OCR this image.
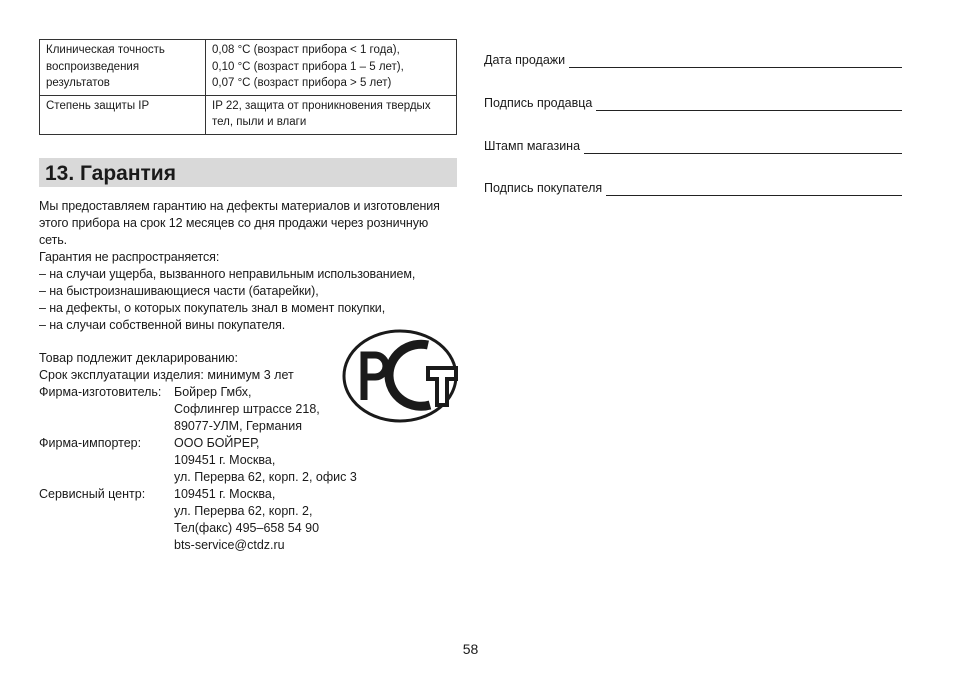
Клиническая точность
воспроизведения
результатов	0,08 °C (возраст прибора < 1 года),
0,10 °C (возраст прибора 1 – 5 лет),
0,07 °C (возраст прибора > 5 лет)

Степень защиты IP	IP 22, защита от проникновения твердых
тел, пыли и влаги
13. Гарантия
Мы предоставляем гарантию на дефекты материалов и изготовления
этого прибора на срок 12 месяцев со дня продажи через розничную
сеть.
Гарантия не распространяется:
– на случаи ущерба, вызванного неправильным использованием,
– на быстроизнашивающиеся части (батарейки),
– на дефекты, о которых покупатель знал в момент покупки,
– на случаи собственной вины покупателя.
Товар подлежит декларированию:
Срок эксплуатации изделия: минимум 3 лет
Фирма-изготовитель:	Бойрер Гмбх,
Софлингер штрассе 218,
89077-УЛМ, Германия
Фирма-импортер:	ООО БОЙРЕР,
109451 г. Москва,
ул. Перерва 62, корп. 2, офис 3
Сервисный центр:	109451 г. Москва,
ул. Перерва 62, корп. 2,
Тел(факс) 495–658 54 90
bts-service@ctdz.ru
Дата продажи
Подпись продавца
Штамп магазина
Подпись покупателя
58
